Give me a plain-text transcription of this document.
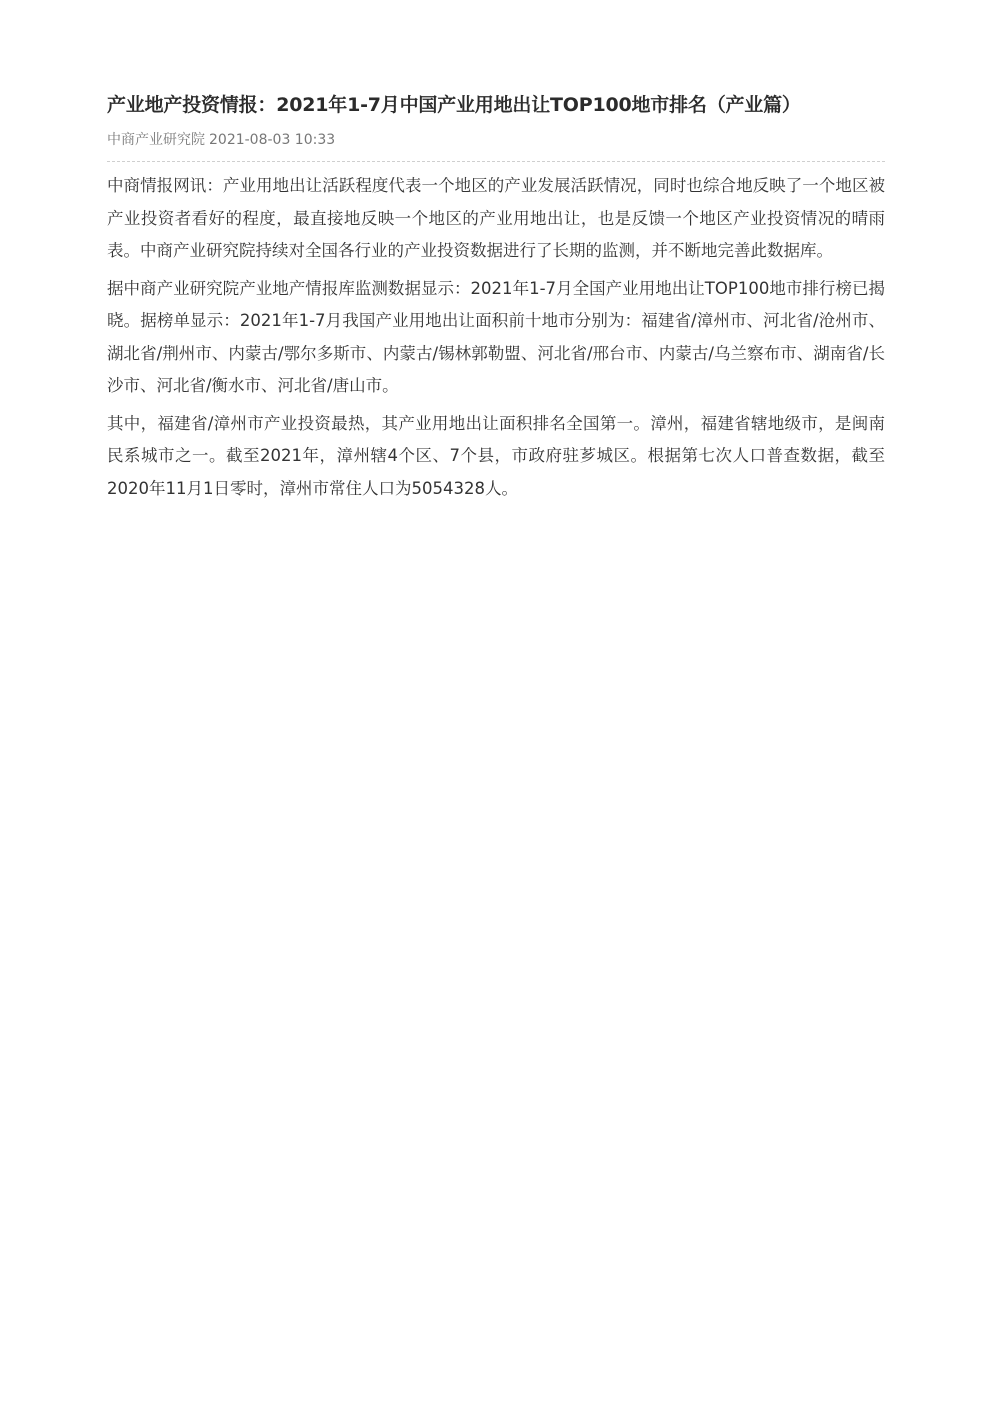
产业地产投资情报：2021年1-7月中国产业用地出让TOP100地市排名（产业篇）
中商产业研究院 2021-08-03 10:33

中商情报网讯：产业用地出让活跃程度代表一个地区的产业发展活跃情况，同时也综合地反映了一个地区被产业投资者看好的程度，最直接地反映一个地区的产业用地出让，也是反馈一个地区产业投资情况的晴雨表。中商产业研究院持续对全国各行业的产业投资数据进行了长期的监测，并不断地完善此数据库。

据中商产业研究院产业地产情报库监测数据显示：2021年1-7月全国产业用地出让TOP100地市排行榜已揭晓。据榜单显示：2021年1-7月我国产业用地出让面积前十地市分别为：福建省/漳州市、河北省/沧州市、湖北省/荆州市、内蒙古/鄂尔多斯市、内蒙古/锡林郭勒盟、河北省/邢台市、内蒙古/乌兰察布市、湖南省/长沙市、河北省/衡水市、河北省/唐山市。

其中，福建省/漳州市产业投资最热，其产业用地出让面积排名全国第一。漳州，福建省辖地级市，是闽南民系城市之一。截至2021年，漳州辖4个区、7个县，市政府驻芗城区。根据第七次人口普查数据，截至2020年11月1日零时，漳州市常住人口为5054328人。
